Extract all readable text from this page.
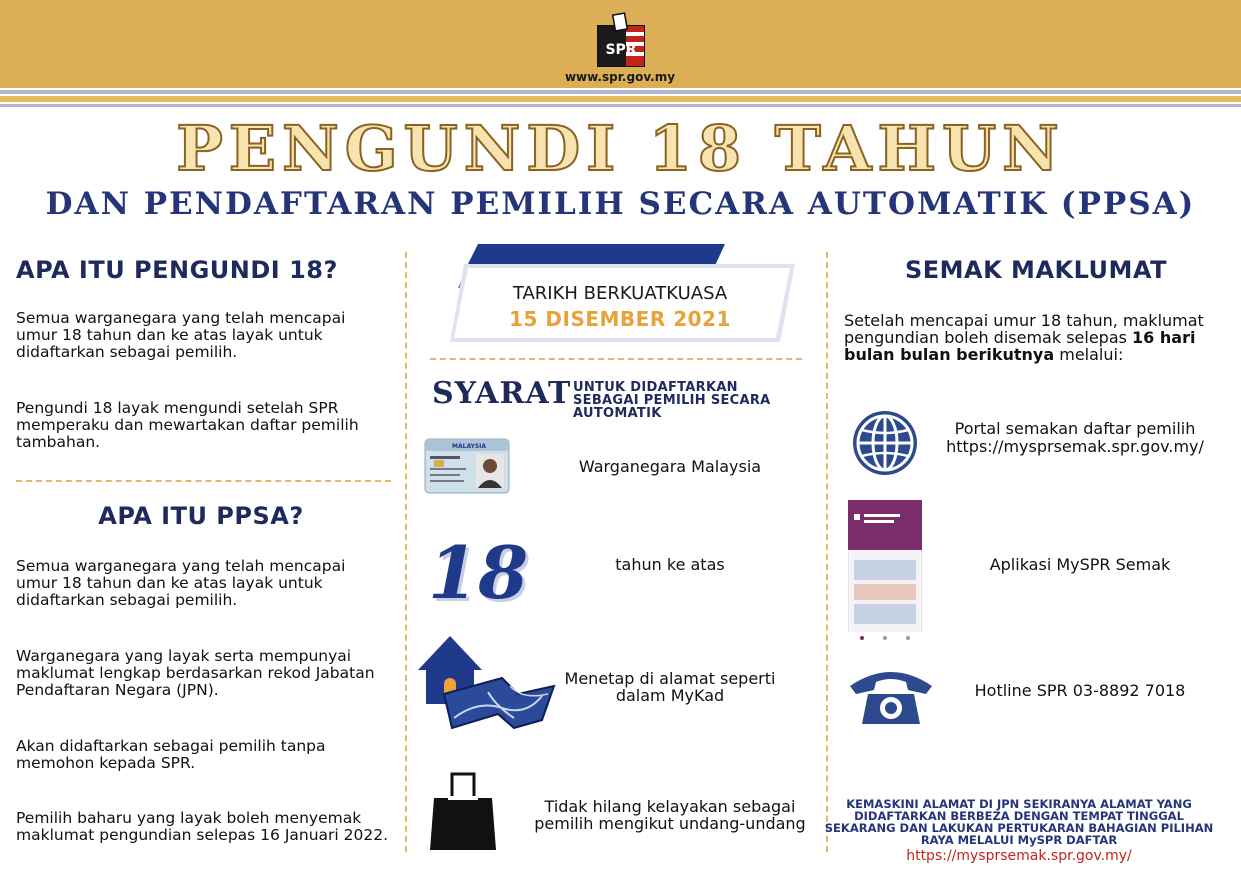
SPR
www.spr.gov.my
PENGUNDI 18 TAHUN
DAN PENDAFTARAN PEMILIH SECARA AUTOMATIK (PPSA)
APA ITU PENGUNDI 18?
Semua warganegara yang telah mencapai umur 18 tahun dan ke atas layak untuk didaftarkan sebagai pemilih.
Pengundi 18 layak mengundi setelah SPR memperaku dan mewartakan daftar pemilih tambahan.
APA ITU PPSA?
Semua warganegara yang telah mencapai umur 18 tahun dan ke atas layak untuk didaftarkan sebagai pemilih.
Warganegara yang layak serta mempunyai maklumat lengkap berdasarkan rekod Jabatan Pendaftaran Negara (JPN).
Akan didaftarkan sebagai pemilih tanpa memohon kepada SPR.
Pemilih baharu yang layak boleh menyemak maklumat pengundian selepas 16 Januari 2022.
TARIKH BERKUATKUASA
15 DISEMBER 2021
SYARAT UNTUK DIDAFTARKAN SEBAGAI PEMILIH SECARA AUTOMATIK
MALAYSIA
Warganegara Malaysia
18	tahun ke atas
Menetap di alamat seperti dalam MyKad
Tidak hilang kelayakan sebagai pemilih mengikut undang-undang
SEMAK MAKLUMAT
Setelah mencapai umur 18 tahun, maklumat pengundian boleh disemak selepas 16 hari bulan bulan berikutnya melalui:
Portal semakan daftar pemilih
https://mysprsemak.spr.gov.my/
Aplikasi MySPR Semak
Hotline SPR 03-8892 7018
KEMASKINI ALAMAT DI JPN SEKIRANYA ALAMAT YANG DIDAFTARKAN BERBEZA DENGAN TEMPAT TINGGAL SEKARANG DAN LAKUKAN PERTUKARAN BAHAGIAN PILIHAN RAYA MELALUI MySPR DAFTAR
https://mysprsemak.spr.gov.my/
